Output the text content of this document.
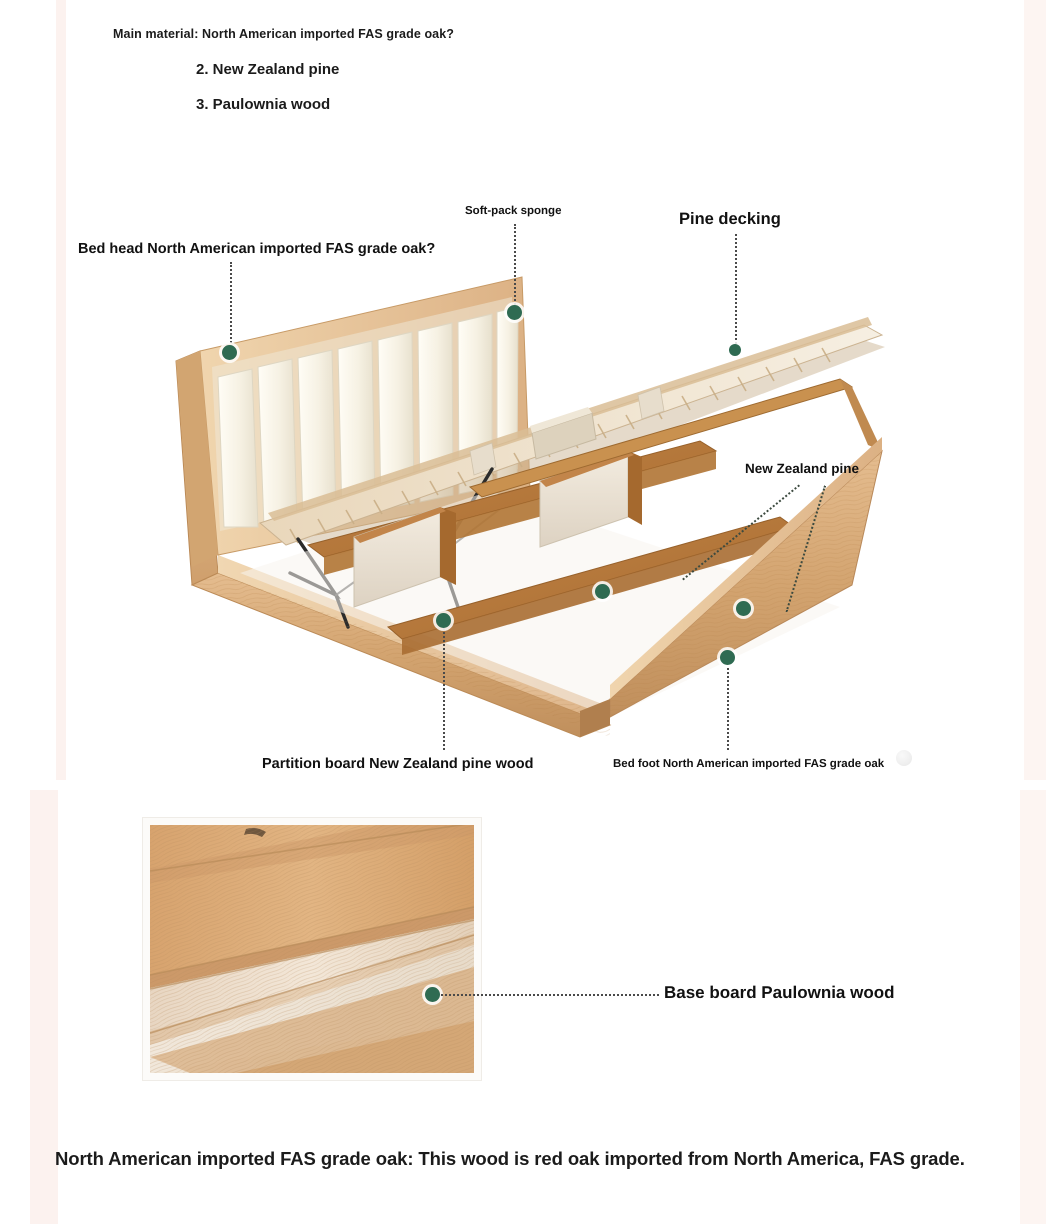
Main material: North American imported FAS grade oak?
2. New Zealand pine
3. Paulownia wood
Soft-pack sponge	Pine decking
Bed head North American imported FAS grade oak?
New Zealand pine
Partition board New Zealand pine wood	Bed foot North American imported FAS grade oak
Base board Paulownia wood
North American imported FAS grade oak: This wood is red oak imported from North America, FAS grade.
